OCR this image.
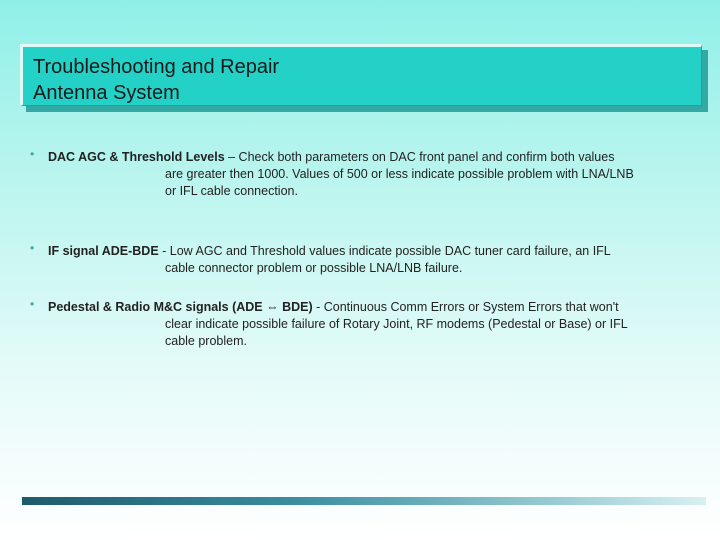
Troubleshooting and Repair
Antenna System
• DAC AGC & Threshold Levels – Check both parameters on DAC front panel and confirm both values
are greater then 1000. Values of 500 or less indicate possible problem with LNA/LNB
or IFL cable connection.
• IF signal ADE-BDE - Low AGC and Threshold values indicate possible DAC tuner card failure, an IFL
cable connector problem or possible LNA/LNB failure.
• Pedestal & Radio M&C signals (ADE ⇔ BDE) - Continuous Comm Errors or System Errors that won't
clear indicate possible failure of Rotary Joint, RF modems (Pedestal or Base) or IFL
cable problem.
